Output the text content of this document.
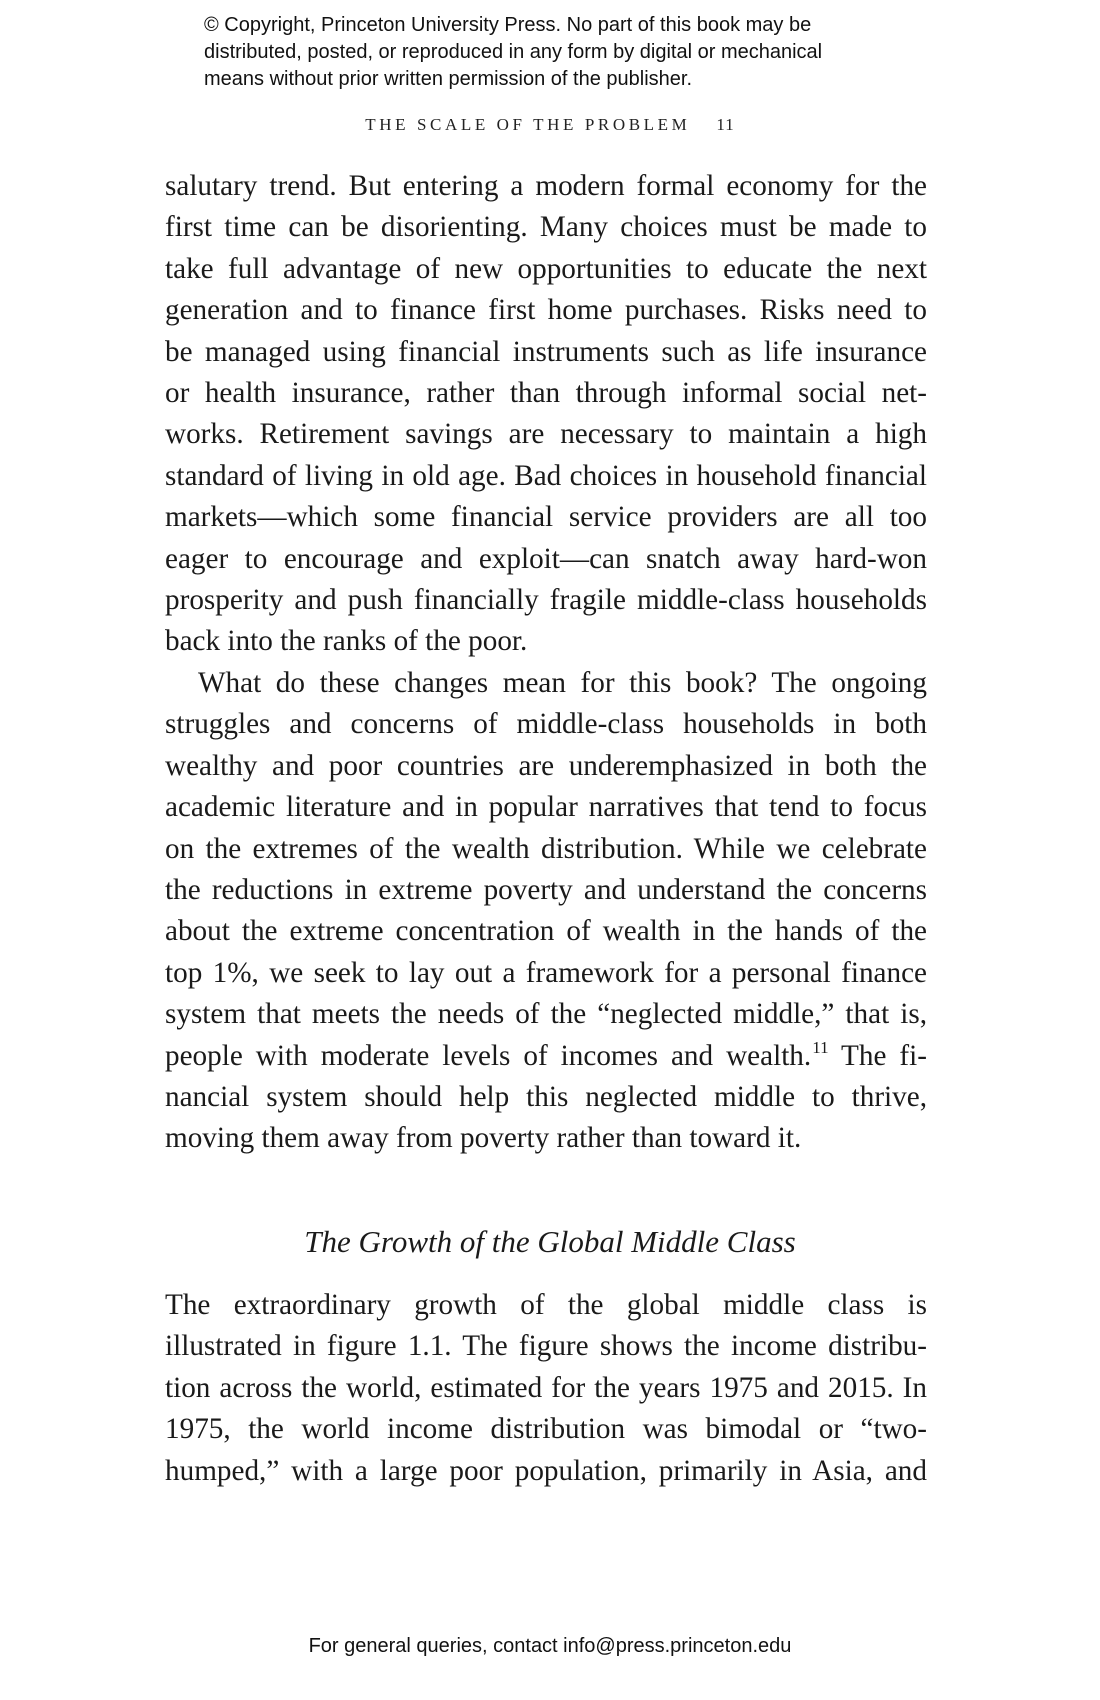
© Copyright, Princeton University Press. No part of this book may be
distributed, posted, or reproduced in any form by digital or mechanical
means without prior written permission of the publisher.
THE SCALE OF THE PROBLEM 11

salutary trend. But entering a modern formal economy for the
first time can be disorienting. Many choices must be made to
take full advantage of new opportunities to educate the next
generation and to finance first home purchases. Risks need to
be managed using financial instruments such as life insurance
or health insurance, rather than through informal social net-
works. Retirement savings are necessary to maintain a high
standard of living in old age. Bad choices in household financial
markets—which some financial service providers are all too
eager to encourage and exploit—can snatch away hard-won
prosperity and push financially fragile middle-class households
back into the ranks of the poor.

What do these changes mean for this book? The ongoing
struggles and concerns of middle-class households in both
wealthy and poor countries are underemphasized in both the
academic literature and in popular narratives that tend to focus
on the extremes of the wealth distribution. While we celebrate
the reductions in extreme poverty and understand the concerns
about the extreme concentration of wealth in the hands of the
top 1%, we seek to lay out a framework for a personal finance
system that meets the needs of the “neglected middle,” that is,
people with moderate levels of incomes and wealth.$^{11}$ The fi-
nancial system should help this neglected middle to thrive,
moving them away from poverty rather than toward it.

The Growth of the Global Middle Class

The extraordinary growth of the global middle class is
illustrated in figure 1.1. The figure shows the income distribu-
tion across the world, estimated for the years 1975 and 2015. In
1975, the world income distribution was bimodal or “two-
humped,” with a large poor population, primarily in Asia, and

For general queries, contact info@press.princeton.edu
